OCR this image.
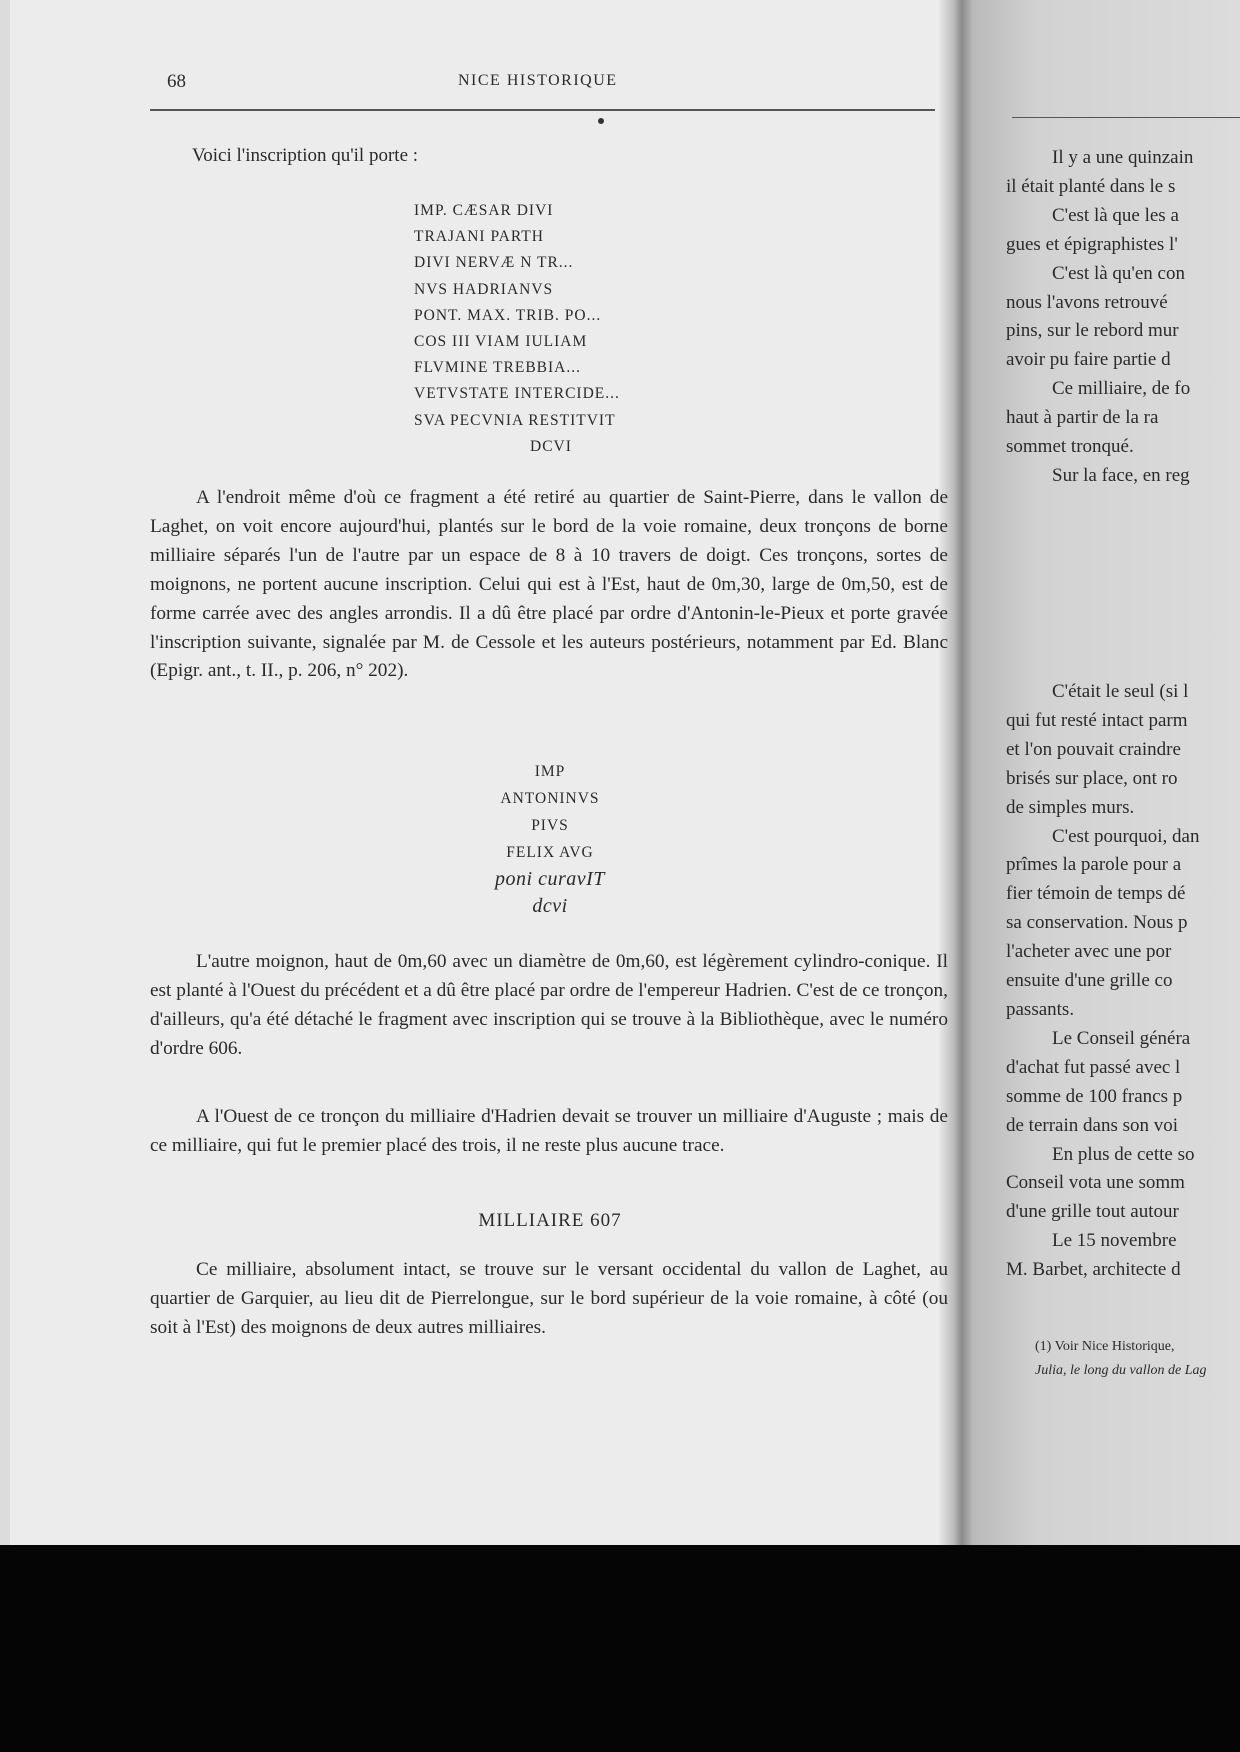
68	NICE HISTORIQUE
Voici l'inscription qu'il porte :
IMP. CÆSAR DIVI
TRAJANI PARTH
DIVI NERVÆ N TR...
NVS HADRIANVS
PONT. MAX. TRIB. PO...
COS III VIAM IULIAM
FLVMINE TREBBIA...
VETVSTATE INTERCIDE...
SVA PECVNIA RESTITVIT
DCVI

A l'endroit même d'où ce fragment a été retiré au quartier de Saint-Pierre, dans le vallon de Laghet, on voit encore aujourd'hui, plantés sur le bord de la voie romaine, deux tronçons de borne milliaire séparés l'un de l'autre par un espace de 8 à 10 travers de doigt. Ces tronçons, sortes de moignons, ne portent aucune inscription. Celui qui est à l'Est, haut de 0m,30, large de 0m,50, est de forme carrée avec des angles arrondis. Il a dû être placé par ordre d'Antonin-le-Pieux et porte gravée l'inscription suivante, signalée par M. de Cessole et les auteurs postérieurs, notamment par Ed. Blanc (Epigr. ant., t. II., p. 206, n° 202).

IMP
ANTONINVS
PIVS
FELIX AVG
poni curavIT
dcvi

L'autre moignon, haut de 0m,60 avec un diamètre de 0m,60, est légèrement cylindro-conique. Il est planté à l'Ouest du précédent et a dû être placé par ordre de l'empereur Hadrien. C'est de ce tronçon, d'ailleurs, qu'a été détaché le fragment avec inscription qui se trouve à la Bibliothèque, avec le numéro d'ordre 606.

A l'Ouest de ce tronçon du milliaire d'Hadrien devait se trouver un milliaire d'Auguste ; mais de ce milliaire, qui fut le premier placé des trois, il ne reste plus aucune trace.

MILLIAIRE 607

Ce milliaire, absolument intact, se trouve sur le versant occidental du vallon de Laghet, au quartier de Garquier, au lieu dit de Pierrelongue, sur le bord supérieur de la voie romaine, à côté (ou soit à l'Est) des moignons de deux autres milliaires.

Il y a une quinzain
il était planté dans le s
C'est là que les a
gues et épigraphistes l'
C'est là qu'en con
nous l'avons retrouvé
pins, sur le rebord mur
avoir pu faire partie d
Ce milliaire, de fo
haut à partir de la ra
sommet tronqué.
Sur la face, en reg
C'était le seul (si l
qui fut resté intact parm
et l'on pouvait craindre
brisés sur place, ont ro
de simples murs.
C'est pourquoi, dan
prîmes la parole pour a
fier témoin de temps dé
sa conservation. Nous p
l'acheter avec une por
ensuite d'une grille co
passants.
Le Conseil généra
d'achat fut passé avec l
somme de 100 francs p
de terrain dans son voi
En plus de cette so
Conseil vota une somm
d'une grille tout autour
Le 15 novembre
M. Barbet, architecte d
(1) Voir Nice Historique,
Julia, le long du vallon de Lag
